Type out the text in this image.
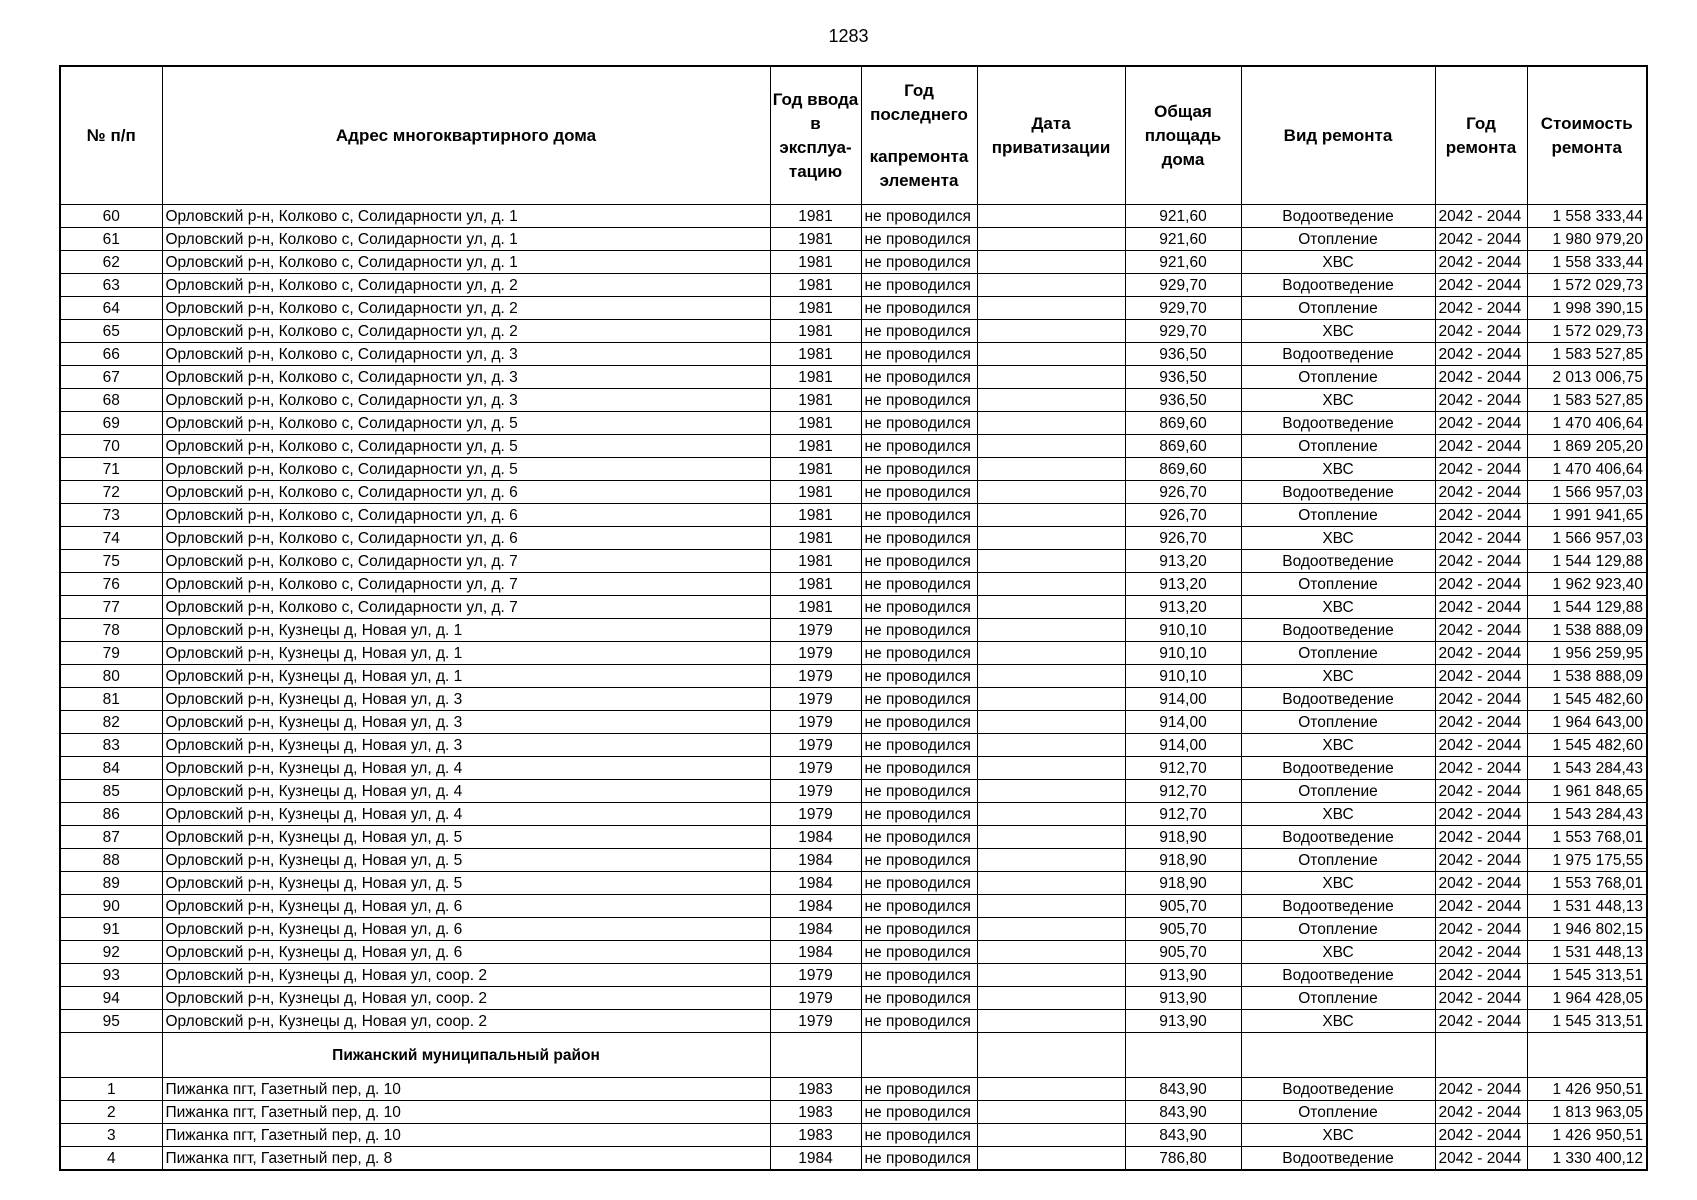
1283
№ п/п	Адрес многоквартирного дома	Год ввода в эксплуа-тацию	Год последнего
капремонта элемента	Дата приватизации	Общая площадь дома	Вид ремонта	Год ремонта	Стоимость ремонта
60	Орловский р-н, Колково с, Солидарности ул, д. 1	1981	не проводился		921,60	Водоотведение	2042 - 2044	1 558 333,44
61	Орловский р-н, Колково с, Солидарности ул, д. 1	1981	не проводился		921,60	Отопление	2042 - 2044	1 980 979,20
62	Орловский р-н, Колково с, Солидарности ул, д. 1	1981	не проводился		921,60	ХВС	2042 - 2044	1 558 333,44
63	Орловский р-н, Колково с, Солидарности ул, д. 2	1981	не проводился		929,70	Водоотведение	2042 - 2044	1 572 029,73
64	Орловский р-н, Колково с, Солидарности ул, д. 2	1981	не проводился		929,70	Отопление	2042 - 2044	1 998 390,15
65	Орловский р-н, Колково с, Солидарности ул, д. 2	1981	не проводился		929,70	ХВС	2042 - 2044	1 572 029,73
66	Орловский р-н, Колково с, Солидарности ул, д. 3	1981	не проводился		936,50	Водоотведение	2042 - 2044	1 583 527,85
67	Орловский р-н, Колково с, Солидарности ул, д. 3	1981	не проводился		936,50	Отопление	2042 - 2044	2 013 006,75
68	Орловский р-н, Колково с, Солидарности ул, д. 3	1981	не проводился		936,50	ХВС	2042 - 2044	1 583 527,85
69	Орловский р-н, Колково с, Солидарности ул, д. 5	1981	не проводился		869,60	Водоотведение	2042 - 2044	1 470 406,64
70	Орловский р-н, Колково с, Солидарности ул, д. 5	1981	не проводился		869,60	Отопление	2042 - 2044	1 869 205,20
71	Орловский р-н, Колково с, Солидарности ул, д. 5	1981	не проводился		869,60	ХВС	2042 - 2044	1 470 406,64
72	Орловский р-н, Колково с, Солидарности ул, д. 6	1981	не проводился		926,70	Водоотведение	2042 - 2044	1 566 957,03
73	Орловский р-н, Колково с, Солидарности ул, д. 6	1981	не проводился		926,70	Отопление	2042 - 2044	1 991 941,65
74	Орловский р-н, Колково с, Солидарности ул, д. 6	1981	не проводился		926,70	ХВС	2042 - 2044	1 566 957,03
75	Орловский р-н, Колково с, Солидарности ул, д. 7	1981	не проводился		913,20	Водоотведение	2042 - 2044	1 544 129,88
76	Орловский р-н, Колково с, Солидарности ул, д. 7	1981	не проводился		913,20	Отопление	2042 - 2044	1 962 923,40
77	Орловский р-н, Колково с, Солидарности ул, д. 7	1981	не проводился		913,20	ХВС	2042 - 2044	1 544 129,88
78	Орловский р-н, Кузнецы д, Новая ул, д. 1	1979	не проводился		910,10	Водоотведение	2042 - 2044	1 538 888,09
79	Орловский р-н, Кузнецы д, Новая ул, д. 1	1979	не проводился		910,10	Отопление	2042 - 2044	1 956 259,95
80	Орловский р-н, Кузнецы д, Новая ул, д. 1	1979	не проводился		910,10	ХВС	2042 - 2044	1 538 888,09
81	Орловский р-н, Кузнецы д, Новая ул, д. 3	1979	не проводился		914,00	Водоотведение	2042 - 2044	1 545 482,60
82	Орловский р-н, Кузнецы д, Новая ул, д. 3	1979	не проводился		914,00	Отопление	2042 - 2044	1 964 643,00
83	Орловский р-н, Кузнецы д, Новая ул, д. 3	1979	не проводился		914,00	ХВС	2042 - 2044	1 545 482,60
84	Орловский р-н, Кузнецы д, Новая ул, д. 4	1979	не проводился		912,70	Водоотведение	2042 - 2044	1 543 284,43
85	Орловский р-н, Кузнецы д, Новая ул, д. 4	1979	не проводился		912,70	Отопление	2042 - 2044	1 961 848,65
86	Орловский р-н, Кузнецы д, Новая ул, д. 4	1979	не проводился		912,70	ХВС	2042 - 2044	1 543 284,43
87	Орловский р-н, Кузнецы д, Новая ул, д. 5	1984	не проводился		918,90	Водоотведение	2042 - 2044	1 553 768,01
88	Орловский р-н, Кузнецы д, Новая ул, д. 5	1984	не проводился		918,90	Отопление	2042 - 2044	1 975 175,55
89	Орловский р-н, Кузнецы д, Новая ул, д. 5	1984	не проводился		918,90	ХВС	2042 - 2044	1 553 768,01
90	Орловский р-н, Кузнецы д, Новая ул, д. 6	1984	не проводился		905,70	Водоотведение	2042 - 2044	1 531 448,13
91	Орловский р-н, Кузнецы д, Новая ул, д. 6	1984	не проводился		905,70	Отопление	2042 - 2044	1 946 802,15
92	Орловский р-н, Кузнецы д, Новая ул, д. 6	1984	не проводился		905,70	ХВС	2042 - 2044	1 531 448,13
93	Орловский р-н, Кузнецы д, Новая ул, соор. 2	1979	не проводился		913,90	Водоотведение	2042 - 2044	1 545 313,51
94	Орловский р-н, Кузнецы д, Новая ул, соор. 2	1979	не проводился		913,90	Отопление	2042 - 2044	1 964 428,05
95	Орловский р-н, Кузнецы д, Новая ул, соор. 2	1979	не проводился		913,90	ХВС	2042 - 2044	1 545 313,51
	Пижанский муниципальный район							
1	Пижанка пгт, Газетный пер, д. 10	1983	не проводился		843,90	Водоотведение	2042 - 2044	1 426 950,51
2	Пижанка пгт, Газетный пер, д. 10	1983	не проводился		843,90	Отопление	2042 - 2044	1 813 963,05
3	Пижанка пгт, Газетный пер, д. 10	1983	не проводился		843,90	ХВС	2042 - 2044	1 426 950,51
4	Пижанка пгт, Газетный пер, д. 8	1984	не проводился		786,80	Водоотведение	2042 - 2044	1 330 400,12
